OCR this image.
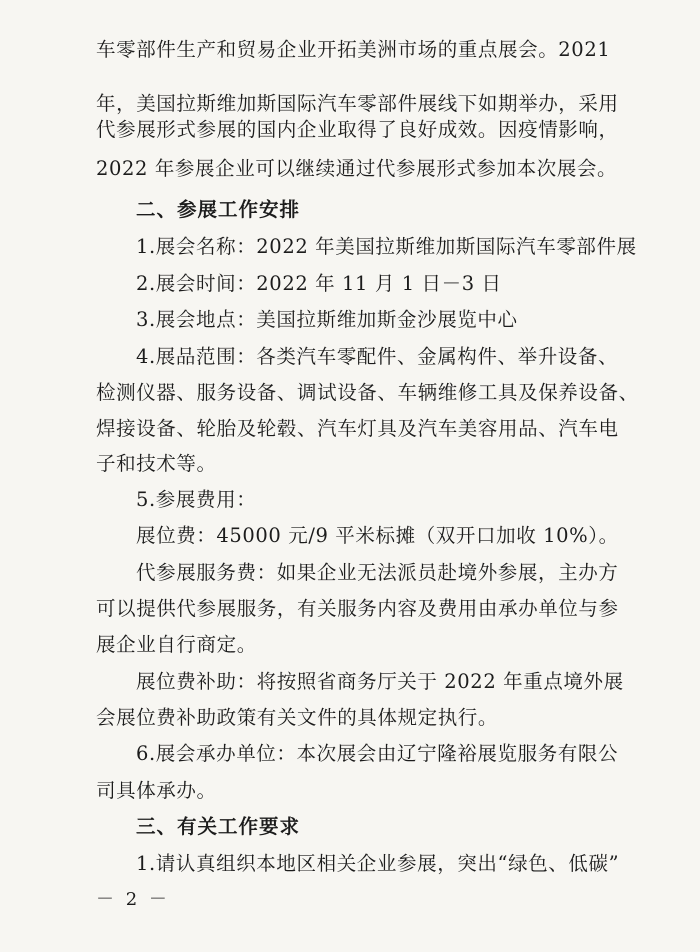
车零部件生产和贸易企业开拓美洲市场的重点展会。2021
年，美国拉斯维加斯国际汽车零部件展线下如期举办，采用
代参展形式参展的国内企业取得了良好成效。因疫情影响，
2022 年参展企业可以继续通过代参展形式参加本次展会。
二、参展工作安排
1.展会名称：2022 年美国拉斯维加斯国际汽车零部件展
2.展会时间：2022 年 11 月 1 日－3 日
3.展会地点：美国拉斯维加斯金沙展览中心
4.展品范围：各类汽车零配件、金属构件、举升设备、
检测仪器、服务设备、调试设备、车辆维修工具及保养设备、
焊接设备、轮胎及轮毂、汽车灯具及汽车美容用品、汽车电
子和技术等。
5.参展费用：
展位费：45000 元/9 平米标摊（双开口加收 10%）。
代参展服务费：如果企业无法派员赴境外参展，主办方
可以提供代参展服务，有关服务内容及费用由承办单位与参
展企业自行商定。
展位费补助：将按照省商务厅关于 2022 年重点境外展
会展位费补助政策有关文件的具体规定执行。
6.展会承办单位：本次展会由辽宁隆裕展览服务有限公
司具体承办。
三、有关工作要求
1.请认真组织本地区相关企业参展，突出“绿色、低碳”
－ 2 －
